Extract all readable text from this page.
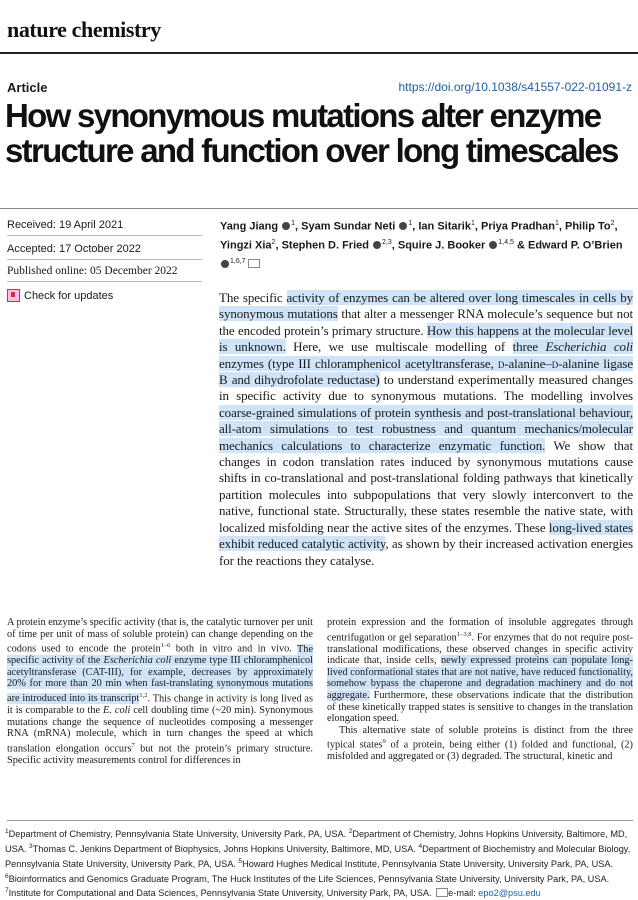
nature chemistry
Article	https://doi.org/10.1038/s41557-022-01091-z
How synonymous mutations alter enzyme structure and function over long timescales
Received: 19 April 2021
Accepted: 17 October 2022
Published online: 05 December 2022
Check for updates
Yang Jiang $^1$, Syam Sundar Neti $^1$, Ian Sitarik$^1$, Priya Pradhan$^1$, Philip To$^2$, Yingzi Xia$^2$, Stephen D. Fried $^{2,3}$, Squire J. Booker $^{1,4,5}$ & Edward P. O’Brien $^{1,6,7}$
The specific activity of enzymes can be altered over long timescales in cells by synonymous mutations that alter a messenger RNA molecule’s sequence but not the encoded protein’s primary structure. How this happens at the molecular level is unknown. Here, we use multiscale modelling of three Escherichia coli enzymes (type III chloramphenicol acetyltransferase, d-alanine–d-alanine ligase B and dihydrofolate reductase) to understand experimentally measured changes in specific activity due to synonymous mutations. The modelling involves coarse-grained simulations of protein synthesis and post-translational behaviour, all-atom simulations to test robustness and quantum mechanics/molecular mechanics calculations to characterize enzymatic function. We show that changes in codon translation rates induced by synonymous mutations cause shifts in co-translational and post-translational folding pathways that kinetically partition molecules into subpopulations that very slowly interconvert to the native, functional state. Structurally, these states resemble the native state, with localized misfolding near the active sites of the enzymes. These long-lived states exhibit reduced catalytic activity, as shown by their increased activation energies for the reactions they catalyse.

A protein enzyme’s specific activity (that is, the catalytic turnover per unit of time per unit of mass of soluble protein) can change depending on the codons used to encode the protein$^{1-6}$ both in vitro and in vivo. The specific activity of the Escherichia coli enzyme type III chloramphenicol acetyltransferase (CAT-III), for example, decreases by approximately 20% for more than 20 min when fast-translating synonymous mutations are introduced into its transcript$^{1,2}$. This change in activity is long lived as it is comparable to the E. coli cell doubling time (~20 min). Synonymous mutations change the sequence of nucleotides composing a messenger RNA (mRNA) molecule, which in turn changes the speed at which translation elongation occurs$^7$ but not the protein’s primary structure. Specific activity measurements control for differences in

protein expression and the formation of insoluble aggregates through centrifugation or gel separation$^{1-3,8}$. For enzymes that do not require post-translational modifications, these observed changes in specific activity indicate that, inside cells, newly expressed proteins can populate long-lived conformational states that are not native, have reduced functionality, somehow bypass the chaperone and degradation machinery and do not aggregate. Furthermore, these observations indicate that the distribution of these kinetically trapped states is sensitive to changes in the translation elongation speed.

This alternative state of soluble proteins is distinct from the three typical states$^9$ of a protein, being either (1) folded and functional, (2) misfolded and aggregated or (3) degraded. The structural, kinetic and

$^1$Department of Chemistry, Pennsylvania State University, University Park, PA, USA. $^2$Department of Chemistry, Johns Hopkins University, Baltimore, MD, USA. $^3$Thomas C. Jenkins Department of Biophysics, Johns Hopkins University, Baltimore, MD, USA. $^4$Department of Biochemistry and Molecular Biology, Pennsylvania State University, University Park, PA, USA. $^5$Howard Hughes Medical Institute, Pennsylvania State University, University Park, PA, USA. $^6$Bioinformatics and Genomics Graduate Program, The Huck Institutes of the Life Sciences, Pennsylvania State University, University Park, PA, USA. $^7$Institute for Computational and Data Sciences, Pennsylvania State University, University Park, PA, USA. e-mail: epo2@psu.edu
